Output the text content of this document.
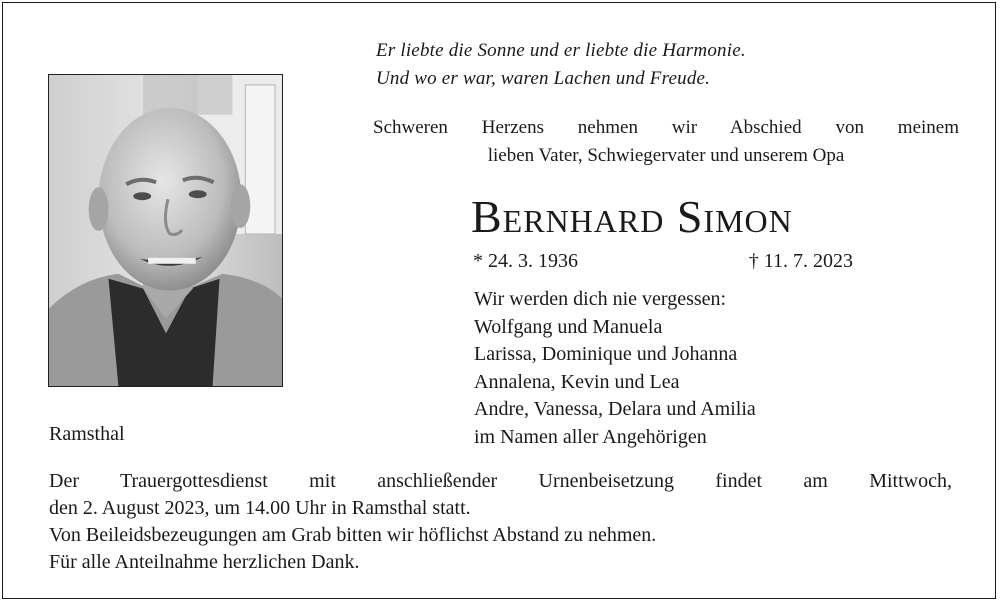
Er liebte die Sonne und er liebte die Harmonie.
Und wo er war, waren Lachen und Freude.
Schweren Herzens nehmen wir Abschied von meinem
lieben Vater, Schwiegervater und unserem Opa
Bernhard Simon
* 24. 3. 1936	† 11. 7. 2023
Wir werden dich nie vergessen:
Wolfgang und Manuela
Larissa, Dominique und Johanna
Annalena, Kevin und Lea
Andre, Vanessa, Delara und Amilia
im Namen aller Angehörigen
Ramsthal
Der Trauergottesdienst mit anschließender Urnenbeisetzung findet am Mittwoch,
den 2. August 2023, um 14.00 Uhr in Ramsthal statt.
Von Beileidsbezeugungen am Grab bitten wir höflichst Abstand zu nehmen.
Für alle Anteilnahme herzlichen Dank.
